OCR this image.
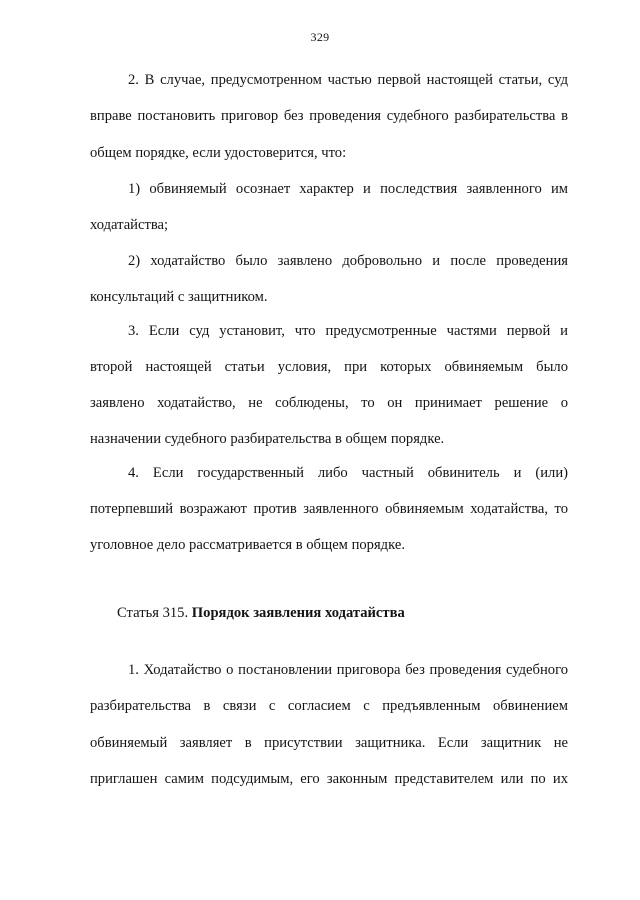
329
2. В случае, предусмотренном частью первой настоящей статьи, суд
вправе постановить приговор без проведения судебного разбирательства в
общем порядке, если удостоверится, что:
1) обвиняемый осознает характер и последствия заявленного им
ходатайства;
2) ходатайство было заявлено добровольно и после проведения
консультаций с защитником.
3. Если суд установит, что предусмотренные частями первой и
второй настоящей статьи условия, при которых обвиняемым было
заявлено ходатайство, не соблюдены, то он принимает решение о
назначении судебного разбирательства в общем порядке.
4. Если государственный либо частный обвинитель и (или)
потерпевший возражают против заявленного обвиняемым ходатайства, то
уголовное дело рассматривается в общем порядке.
Статья 315. Порядок заявления ходатайства
1. Ходатайство о постановлении приговора без проведения судебного
разбирательства в связи с согласием с предъявленным обвинением
обвиняемый заявляет в присутствии защитника. Если защитник не
приглашен самим подсудимым, его законным представителем или по их
